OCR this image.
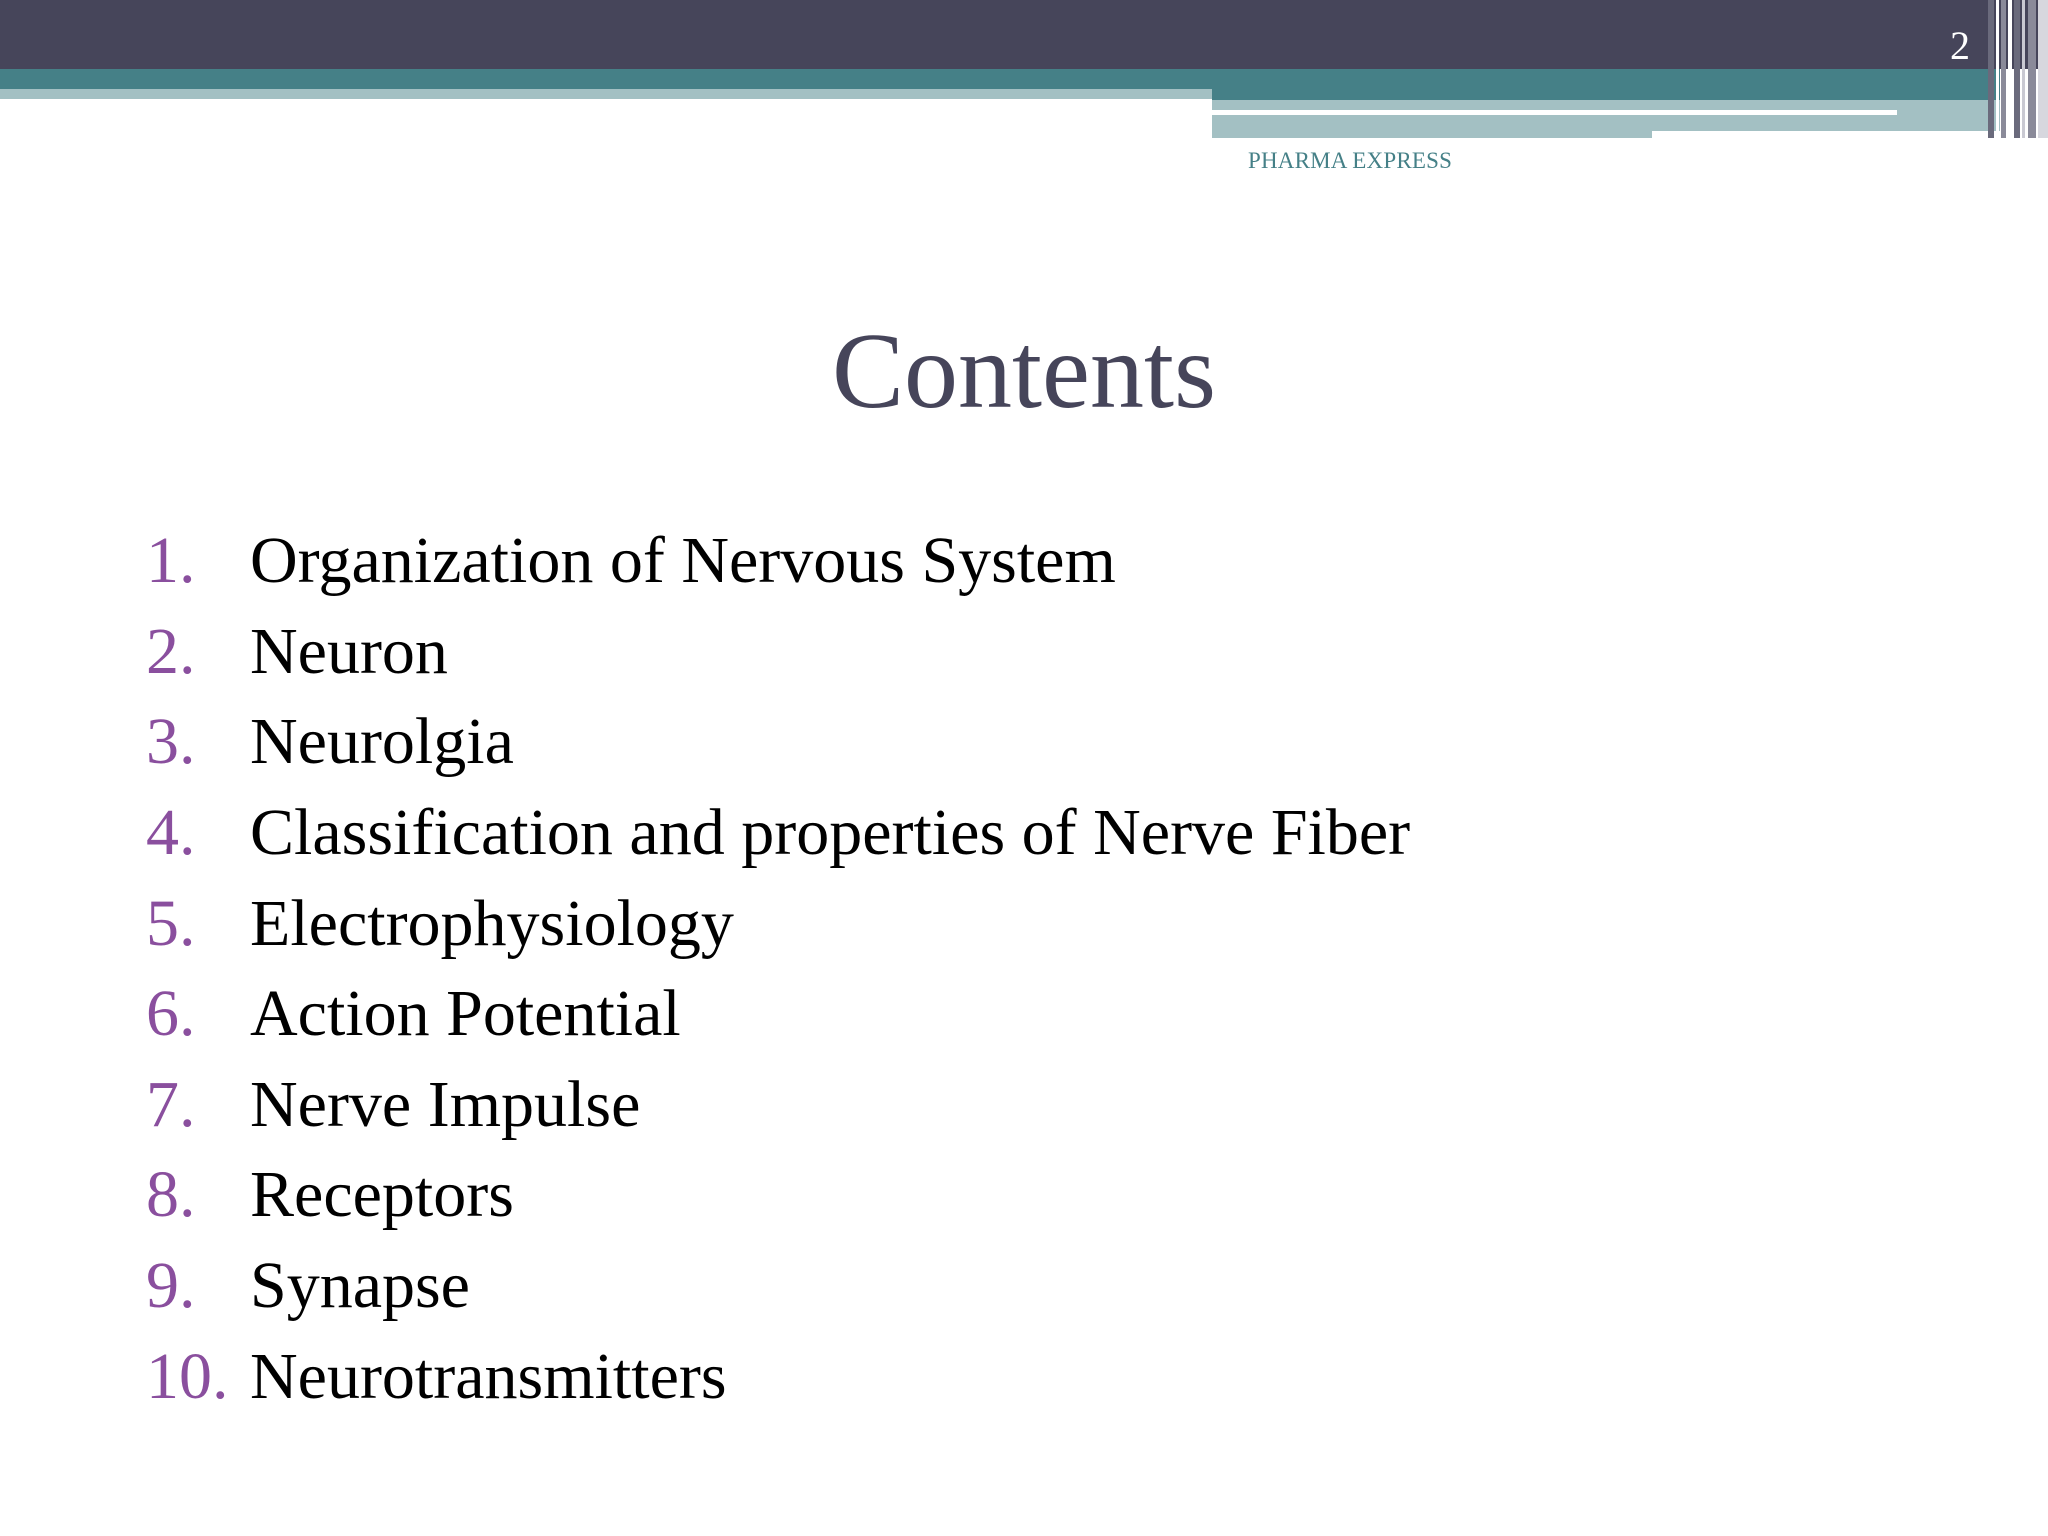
2
PHARMA EXPRESS
Contents
1. Organization of Nervous System
2. Neuron
3. Neurolgia
4. Classification and properties of Nerve Fiber
5. Electrophysiology
6. Action Potential
7. Nerve Impulse
8. Receptors
9. Synapse
10. Neurotransmitters
